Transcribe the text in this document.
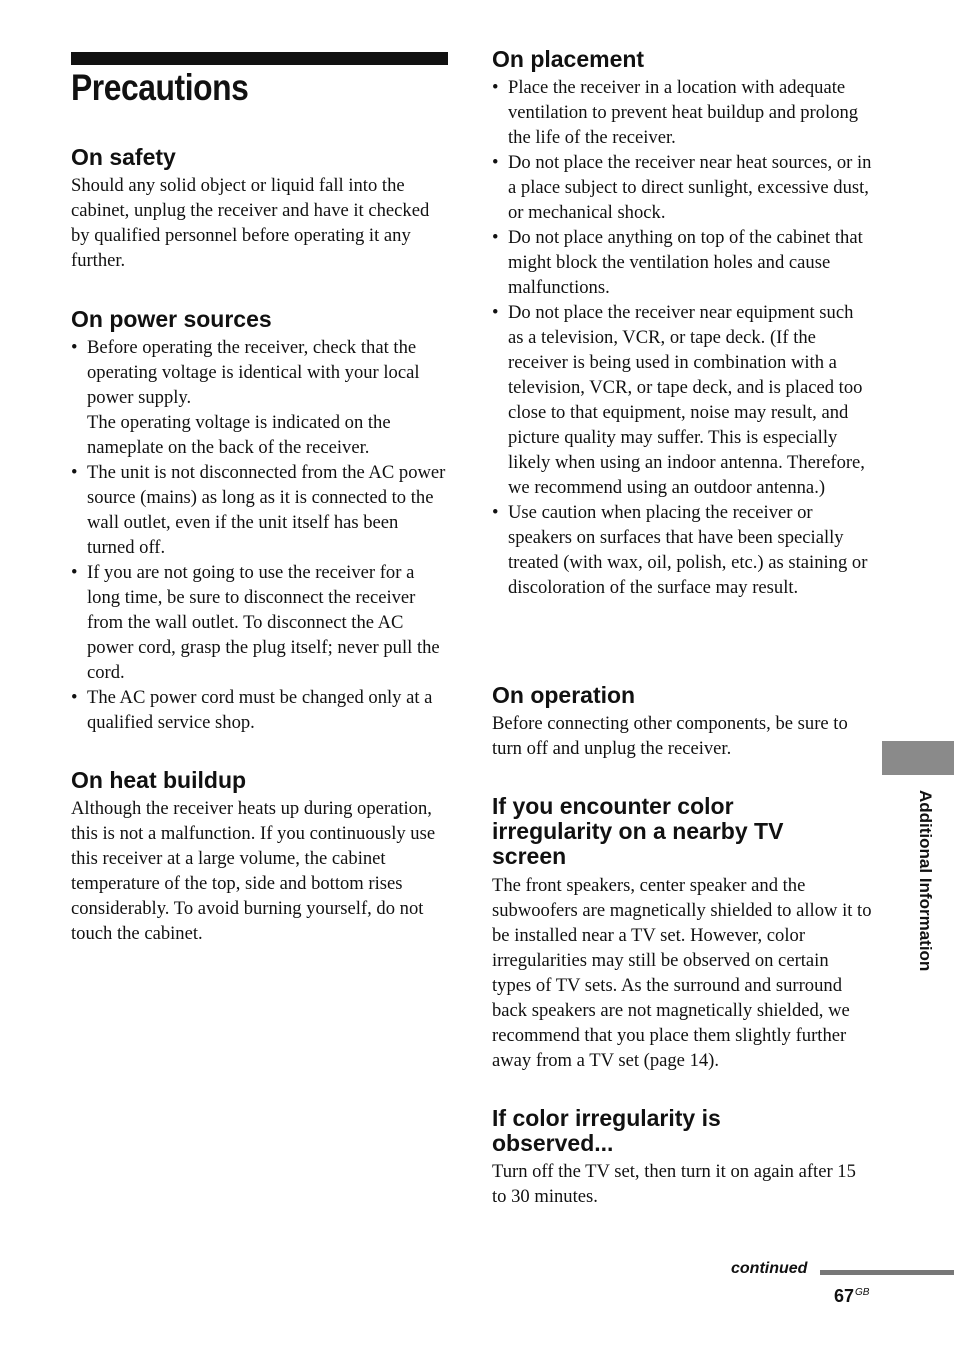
Precautions
On safety

Should any solid object or liquid fall into the cabinet, unplug the receiver and have it checked by qualified personnel before operating it any further.

On power sources
• Before operating the receiver, check that the operating voltage is identical with your local power supply.
The operating voltage is indicated on the nameplate on the back of the receiver.
• The unit is not disconnected from the AC power source (mains) as long as it is connected to the wall outlet, even if the unit itself has been turned off.
• If you are not going to use the receiver for a long time, be sure to disconnect the receiver from the wall outlet. To disconnect the AC power cord, grasp the plug itself; never pull the cord.
• The AC power cord must be changed only at a qualified service shop.
On heat buildup

Although the receiver heats up during operation, this is not a malfunction. If you continuously use this receiver at a large volume, the cabinet temperature of the top, side and bottom rises considerably. To avoid burning yourself, do not touch the cabinet.

On placement
• Place the receiver in a location with adequate ventilation to prevent heat buildup and prolong the life of the receiver.
• Do not place the receiver near heat sources, or in a place subject to direct sunlight, excessive dust, or mechanical shock.
• Do not place anything on top of the cabinet that might block the ventilation holes and cause malfunctions.
• Do not place the receiver near equipment such as a television, VCR, or tape deck. (If the receiver is being used in combination with a television, VCR, or tape deck, and is placed too close to that equipment, noise may result, and picture quality may suffer. This is especially likely when using an indoor antenna. Therefore, we recommend using an outdoor antenna.)
• Use caution when placing the receiver or speakers on surfaces that have been specially treated (with wax, oil, polish, etc.) as staining or discoloration of the surface may result.
On operation

Before connecting other components, be sure to turn off and unplug the receiver.

If you encounter color irregularity on a nearby TV screen

The front speakers, center speaker and the subwoofers are magnetically shielded to allow it to be installed near a TV set. However, color irregularities may still be observed on certain types of TV sets. As the surround and surround back speakers are not magnetically shielded, we recommend that you place them slightly further away from a TV set (page 14).

If color irregularity is observed...

Turn off the TV set, then turn it on again after 15 to 30 minutes.

Additional Information
continued
$67^{GB}$
